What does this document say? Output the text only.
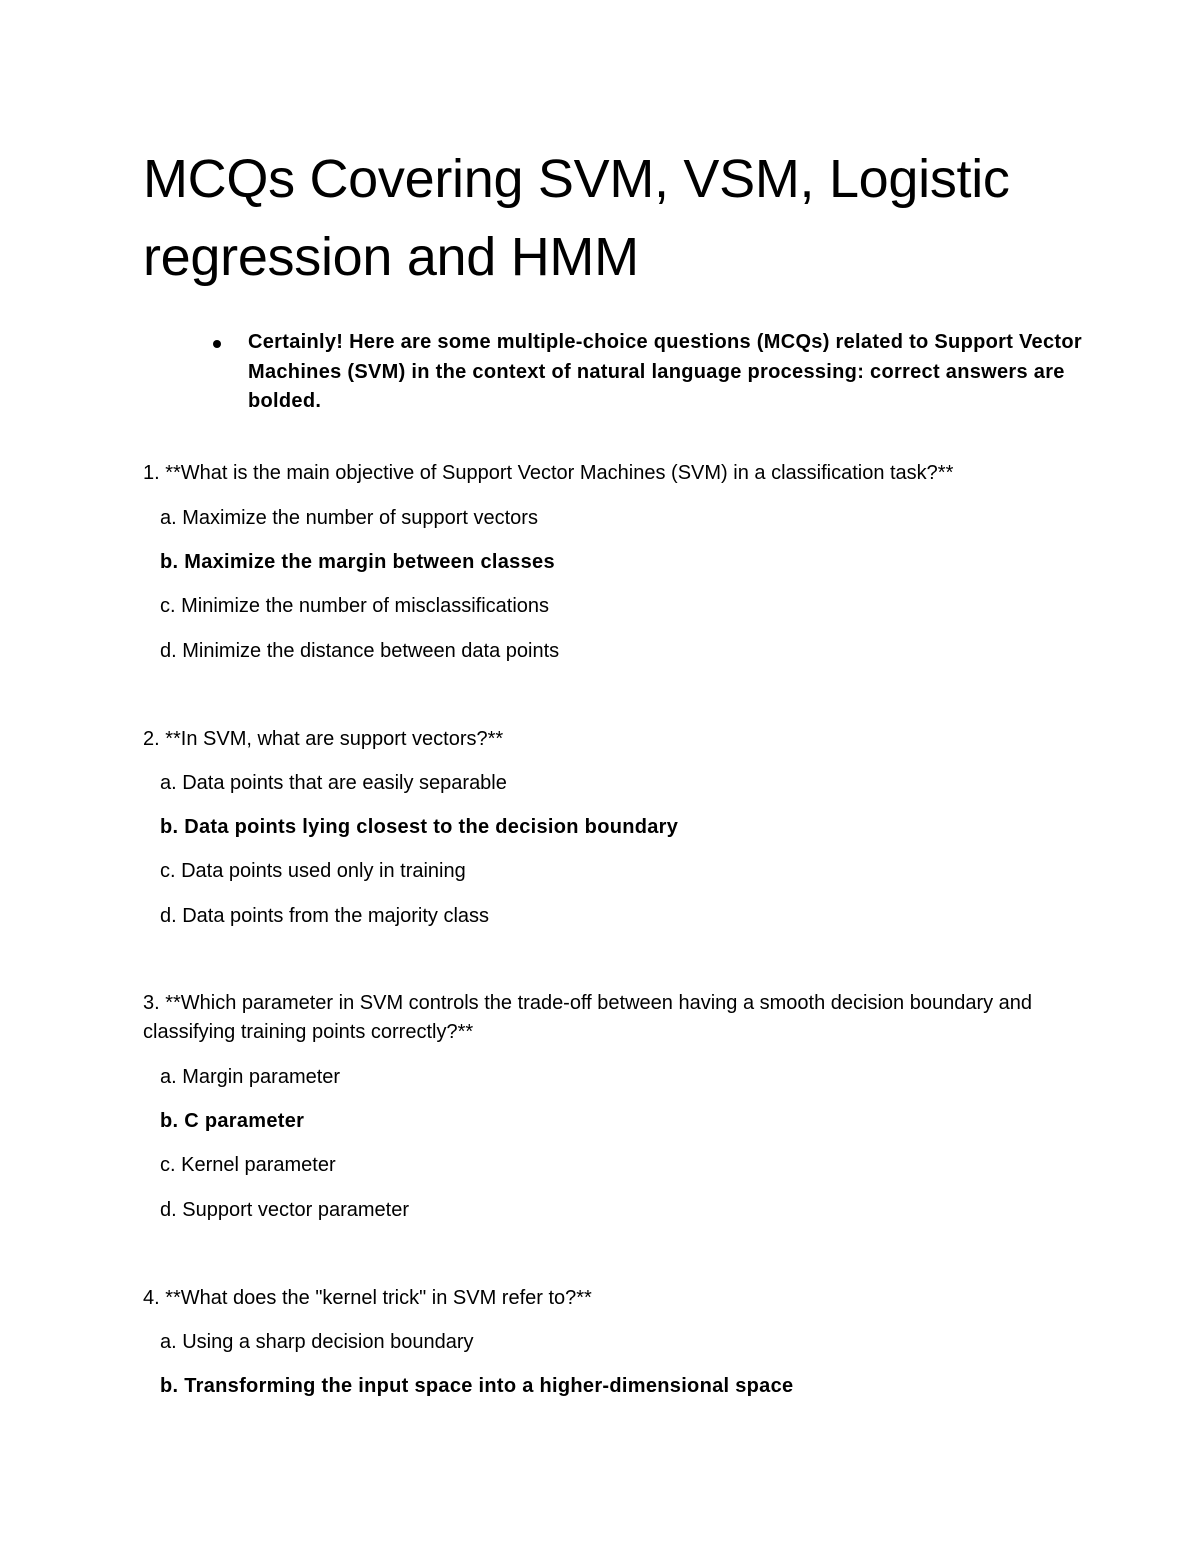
MCQs Covering SVM, VSM, Logistic regression and HMM
Certainly! Here are some multiple-choice questions (MCQs) related to Support Vector Machines (SVM) in the context of natural language processing: correct answers are bolded.

1. **What is the main objective of Support Vector Machines (SVM) in a classification task?**

a. Maximize the number of support vectors

b. Maximize the margin between classes

c. Minimize the number of misclassifications

d. Minimize the distance between data points

2. **In SVM, what are support vectors?**

a. Data points that are easily separable

b. Data points lying closest to the decision boundary

c. Data points used only in training

d. Data points from the majority class

3. **Which parameter in SVM controls the trade-off between having a smooth decision boundary and classifying training points correctly?**

a. Margin parameter

b. C parameter

c. Kernel parameter

d. Support vector parameter

4. **What does the "kernel trick" in SVM refer to?**

a. Using a sharp decision boundary

b. Transforming the input space into a higher-dimensional space
